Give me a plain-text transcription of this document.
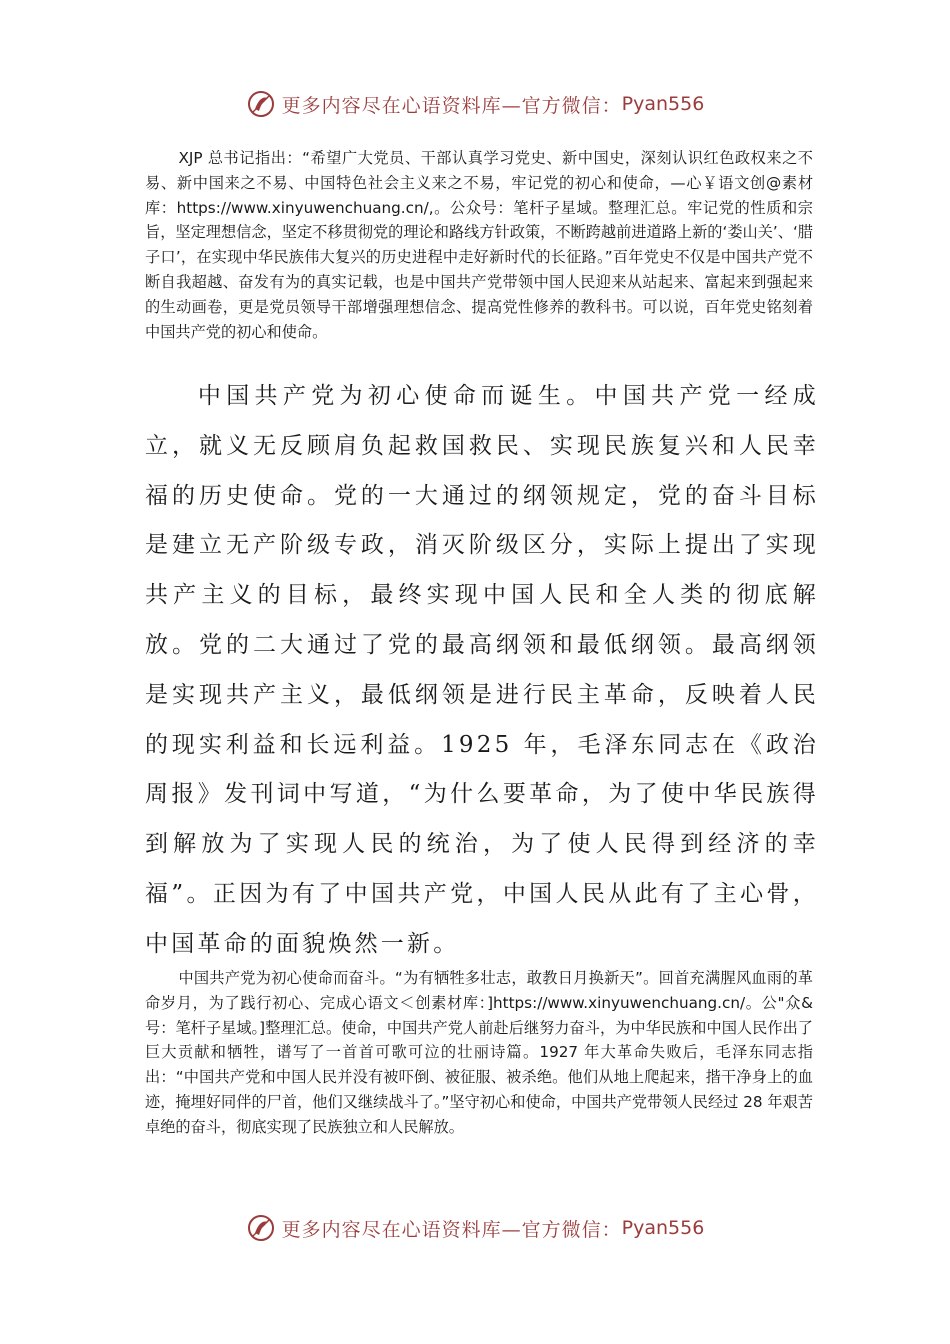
更多内容尽在心语资料库—官方微信： Pyan556

XJP 总书记指出：“希望广大党员、干部认真学习党史、新中国史，深刻认识红色政权来之不易、新中国来之不易、中国特色社会主义来之不易，牢记党的初心和使命，—心￥语文创@素材库：https://www.xinyuwenchuang.cn/,。公众号：笔杆子星域。整理汇总。牢记党的性质和宗旨，坚定理想信念，坚定不移贯彻党的理论和路线方针政策，不断跨越前进道路上新的‘娄山关’、‘腊子口’，在实现中华民族伟大复兴的历史进程中走好新时代的长征路。”百年党史不仅是中国共产党不断自我超越、奋发有为的真实记载，也是中国共产党带领中国人民迎来从站起来、富起来到强起来的生动画卷，更是党员领导干部增强理想信念、提高党性修养的教科书。可以说，百年党史铭刻着中国共产党的初心和使命。

中国共产党为初心使命而诞生。中国共产党一经成立，就义无反顾肩负起救国救民、实现民族复兴和人民幸福的历史使命。党的一大通过的纲领规定，党的奋斗目标是建立无产阶级专政，消灭阶级区分，实际上提出了实现共产主义的目标，最终实现中国人民和全人类的彻底解放。党的二大通过了党的最高纲领和最低纲领。最高纲领是实现共产主义，最低纲领是进行民主革命，反映着人民的现实利益和长远利益。1925 年，毛泽东同志在《政治周报》发刊词中写道，“为什么要革命，为了使中华民族得到解放为了实现人民的统治，为了使人民得到经济的幸福”。正因为有了中国共产党，中国人民从此有了主心骨，中国革命的面貌焕然一新。

中国共产党为初心使命而奋斗。“为有牺牲多壮志，敢教日月换新天”。回首充满腥风血雨的革命岁月，为了践行初心、完成心语文＜创素材库：]https://www.xinyuwenchuang.cn/。公"众&号：笔杆子星域。]整理汇总。使命，中国共产党人前赴后继努力奋斗，为中华民族和中国人民作出了巨大贡献和牺牲，谱写了一首首可歌可泣的壮丽诗篇。1927 年大革命失败后，毛泽东同志指出：“中国共产党和中国人民并没有被吓倒、被征服、被杀绝。他们从地上爬起来，揩干净身上的血迹，掩埋好同伴的尸首，他们又继续战斗了。”坚守初心和使命，中国共产党带领人民经过 28 年艰苦卓绝的奋斗，彻底实现了民族独立和人民解放。

更多内容尽在心语资料库—官方微信： Pyan556
